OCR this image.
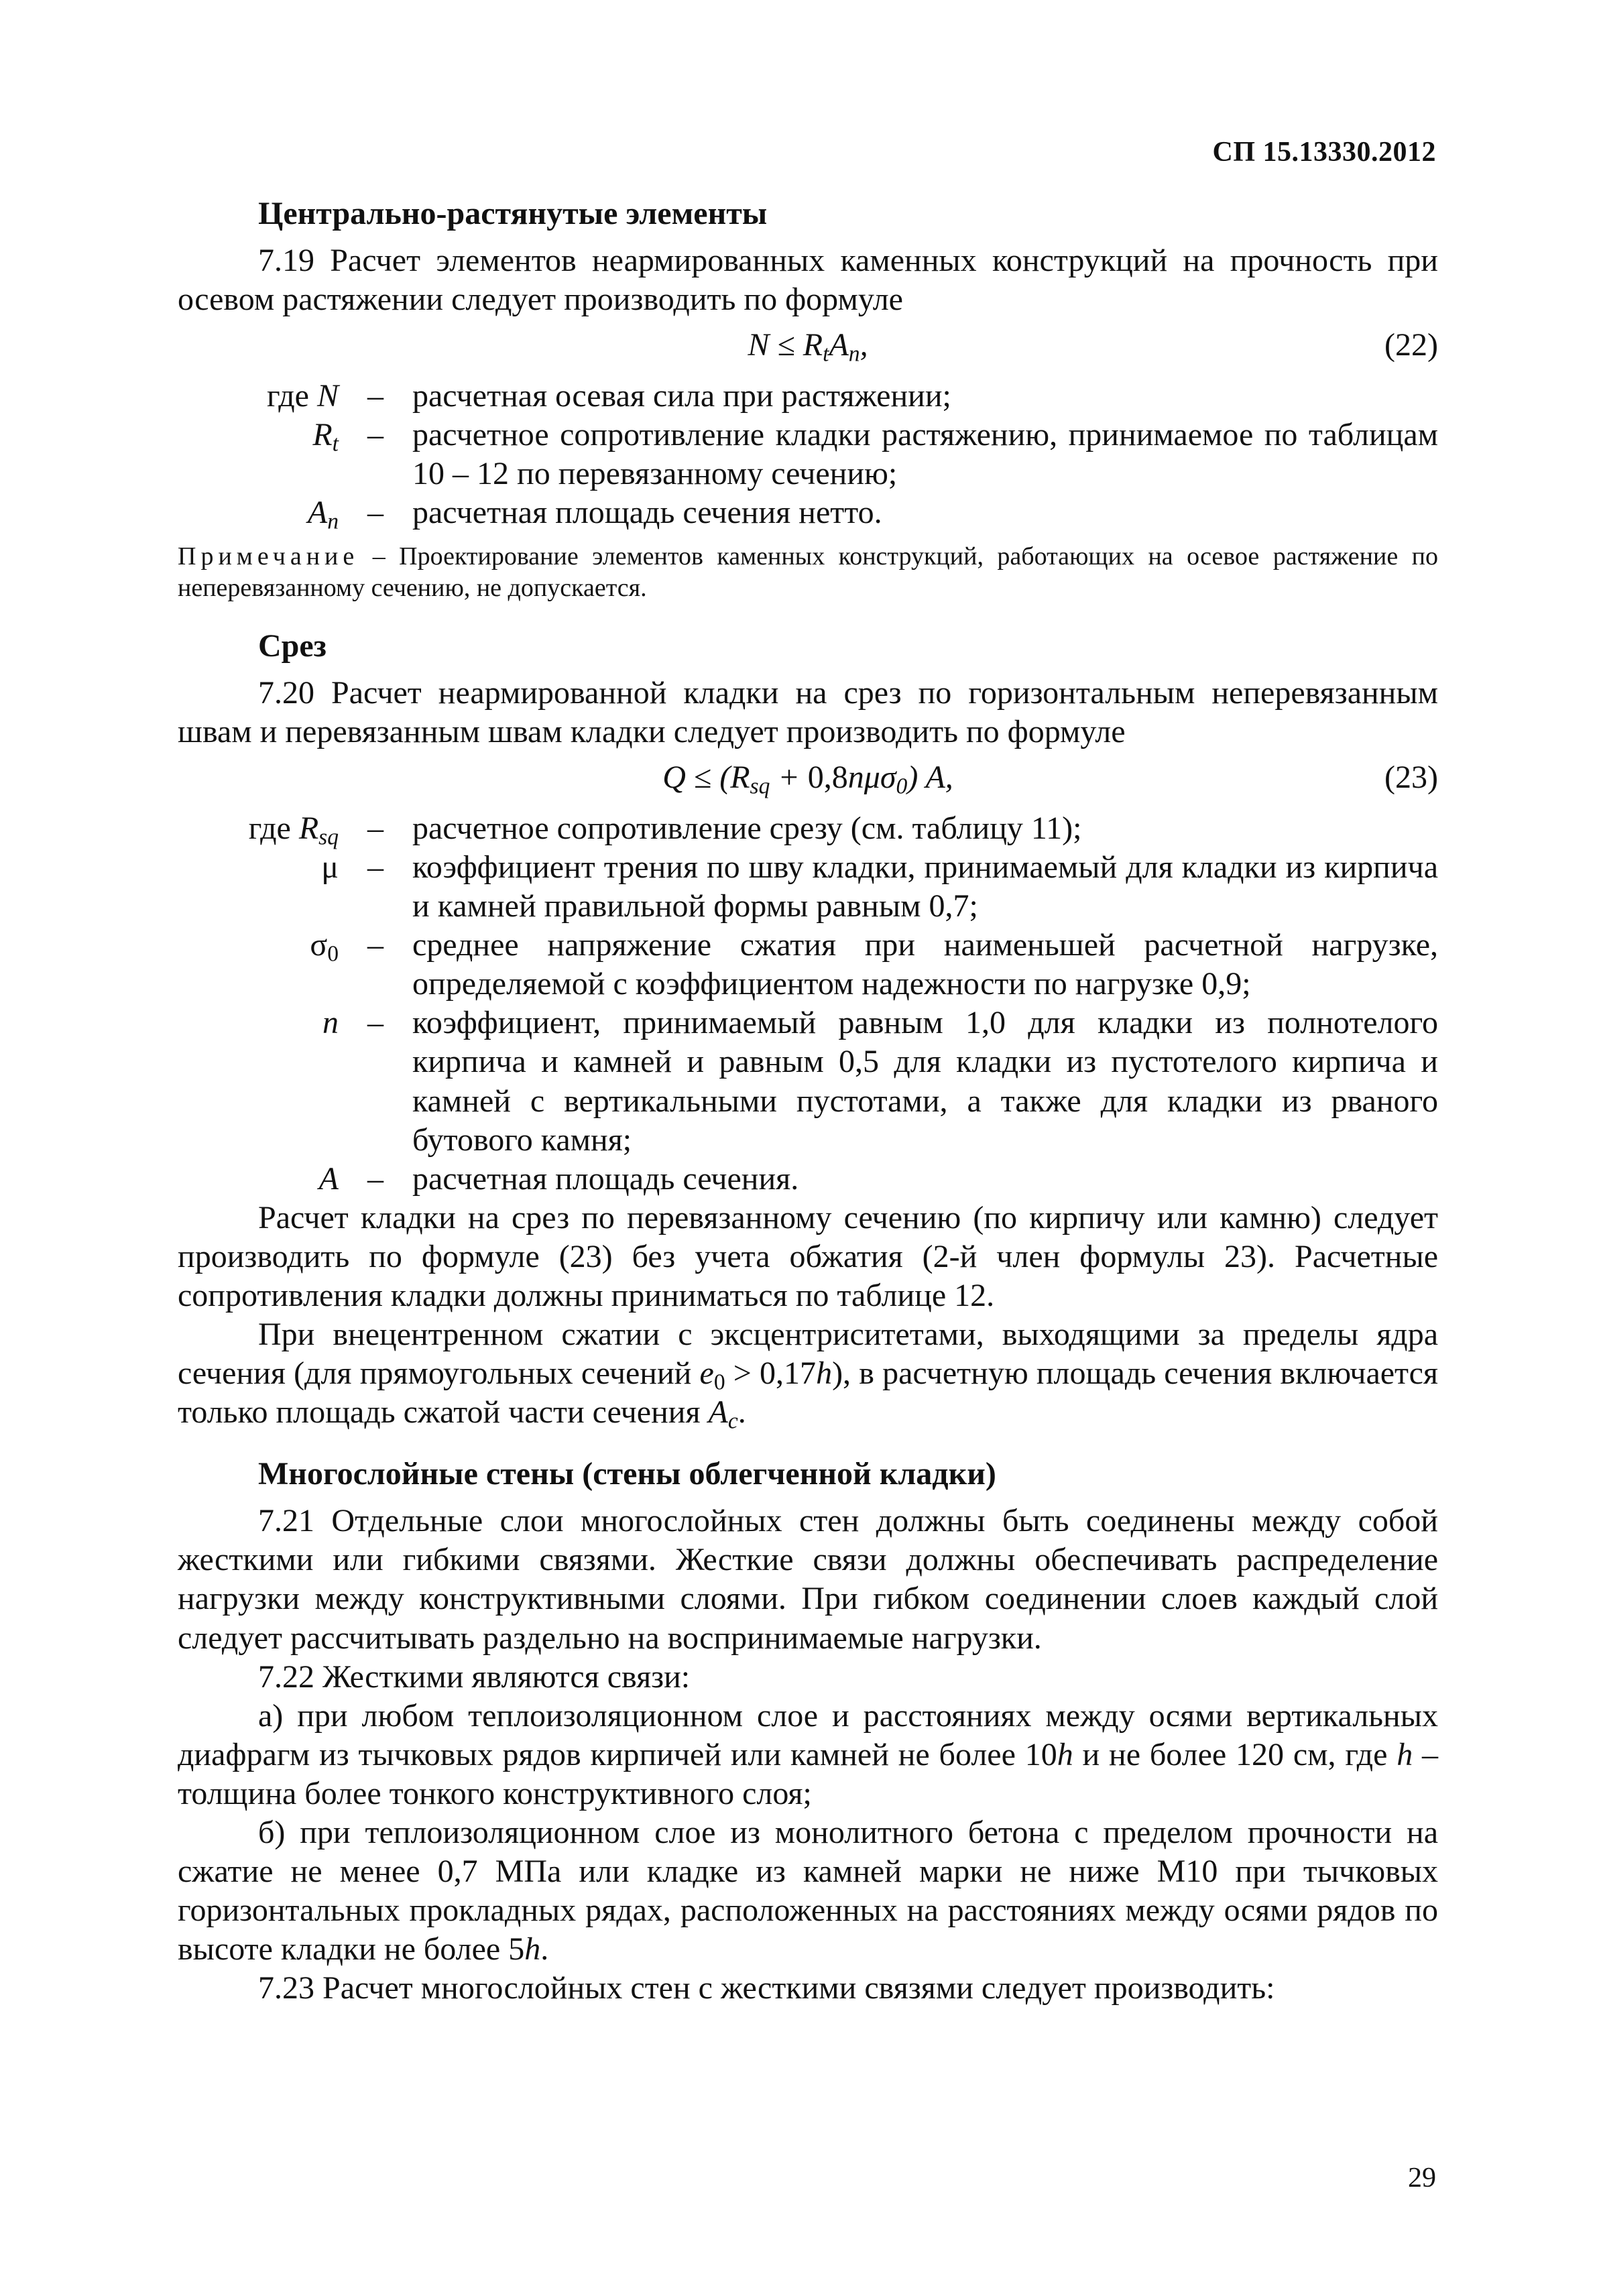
СП 15.13330.2012
Центрально-растянутые элементы

7.19 Расчет элементов неармированных каменных конструкций на прочность при осевом растяжении следует производить по формуле

$N \le R_tA_n$,	(22)
где N – расчетная осевая сила при растяжении;
$R_t$ – расчетное сопротивление кладки растяжению, принимаемое по таблицам 10 – 12 по перевязанному сечению;
$A_n$ – расчетная площадь сечения нетто.
Примечание – Проектирование элементов каменных конструкций, работающих на осевое растяжение по неперевязанному сечению, не допускается.
Срез

7.20 Расчет неармированной кладки на срез по горизонтальным неперевязанным швам и перевязанным швам кладки следует производить по формуле

$Q \le (R_{sq} + 0,8n\mu\sigma_0)$ A,	(23)
где $R_{sq}$ – расчетное сопротивление срезу (см. таблицу 11);
μ – коэффициент трения по шву кладки, принимаемый для кладки из кирпича и камней правильной формы равным 0,7;
$\sigma_0$ – среднее напряжение сжатия при наименьшей расчетной нагрузке, определяемой с коэффициентом надежности по нагрузке 0,9;
n – коэффициент, принимаемый равным 1,0 для кладки из полнотелого кирпича и камней и равным 0,5 для кладки из пустотелого кирпича и камней с вертикальными пустотами, а также для кладки из рваного бутового камня;
A – расчетная площадь сечения.

Расчет кладки на срез по перевязанному сечению (по кирпичу или камню) следует производить по формуле (23) без учета обжатия (2-й член формулы 23). Расчетные сопротивления кладки должны приниматься по таблице 12.

При внецентренном сжатии с эксцентриситетами, выходящими за пределы ядра сечения (для прямоугольных сечений $e_0 > 0,17h$), в расчетную площадь сечения включается только площадь сжатой части сечения $A_c$.

Многослойные стены (стены облегченной кладки)

7.21 Отдельные слои многослойных стен должны быть соединены между собой жесткими или гибкими связями. Жесткие связи должны обеспечивать распределение нагрузки между конструктивными слоями. При гибком соединении слоев каждый слой следует рассчитывать раздельно на воспринимаемые нагрузки.

7.22 Жесткими являются связи:

а) при любом теплоизоляционном слое и расстояниях между осями вертикальных диафрагм из тычковых рядов кирпичей или камней не более 10h и не более 120 см, где h – толщина более тонкого конструктивного слоя;

б) при теплоизоляционном слое из монолитного бетона с пределом прочности на сжатие не менее 0,7 МПа или кладке из камней марки не ниже М10 при тычковых горизонтальных прокладных рядах, расположенных на расстояниях между осями рядов по высоте кладки не более 5h.

7.23 Расчет многослойных стен с жесткими связями следует производить:

29
